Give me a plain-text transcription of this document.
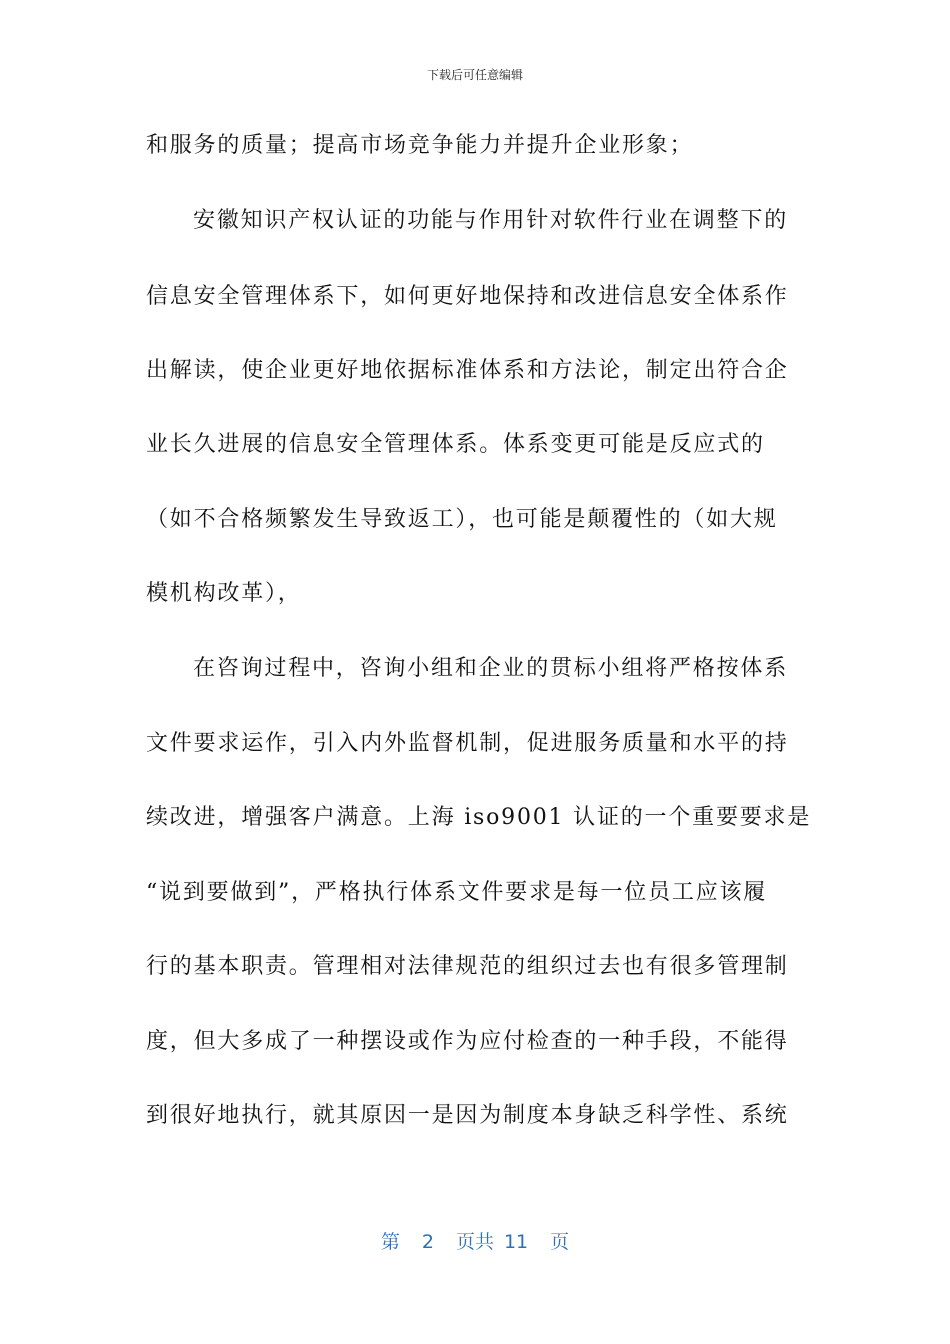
下载后可任意编辑
和服务的质量；提高市场竞争能力并提升企业形象；
安徽知识产权认证的功能与作用针对软件行业在调整下的
信息安全管理体系下，如何更好地保持和改进信息安全体系作
出解读，使企业更好地依据标准体系和方法论，制定出符合企
业长久进展的信息安全管理体系。体系变更可能是反应式的
（如不合格频繁发生导致返工），也可能是颠覆性的（如大规
模机构改革），
在咨询过程中，咨询小组和企业的贯标小组将严格按体系
文件要求运作，引入内外监督机制，促进服务质量和水平的持
续改进，增强客户满意。上海 iso9001 认证的一个重要要求是
“说到要做到”，严格执行体系文件要求是每一位员工应该履
行的基本职责。管理相对法律规范的组织过去也有很多管理制
度，但大多成了一种摆设或作为应付检查的一种手段，不能得
到很好地执行，就其原因一是因为制度本身缺乏科学性、系统
第 2 页共 11 页
